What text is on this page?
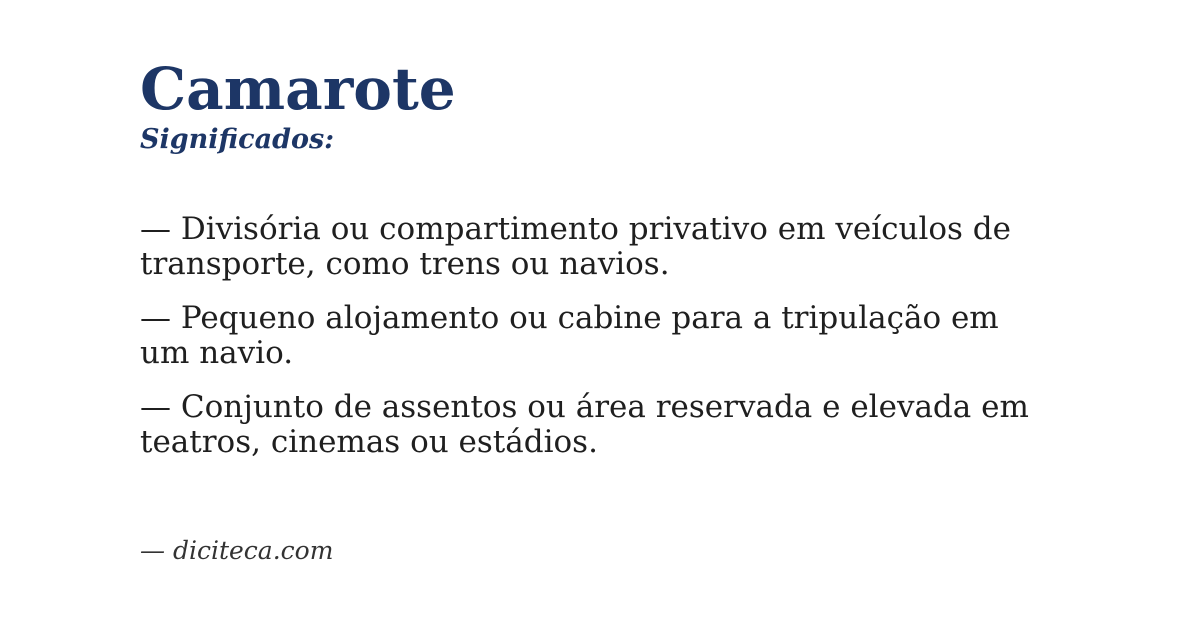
Camarote
Significados:

— Divisória ou compartimento privativo em veículos de
transporte, como trens ou navios.

— Pequeno alojamento ou cabine para a tripulação em
um navio.

— Conjunto de assentos ou área reservada e elevada em
teatros, cinemas ou estádios.

— diciteca.com
